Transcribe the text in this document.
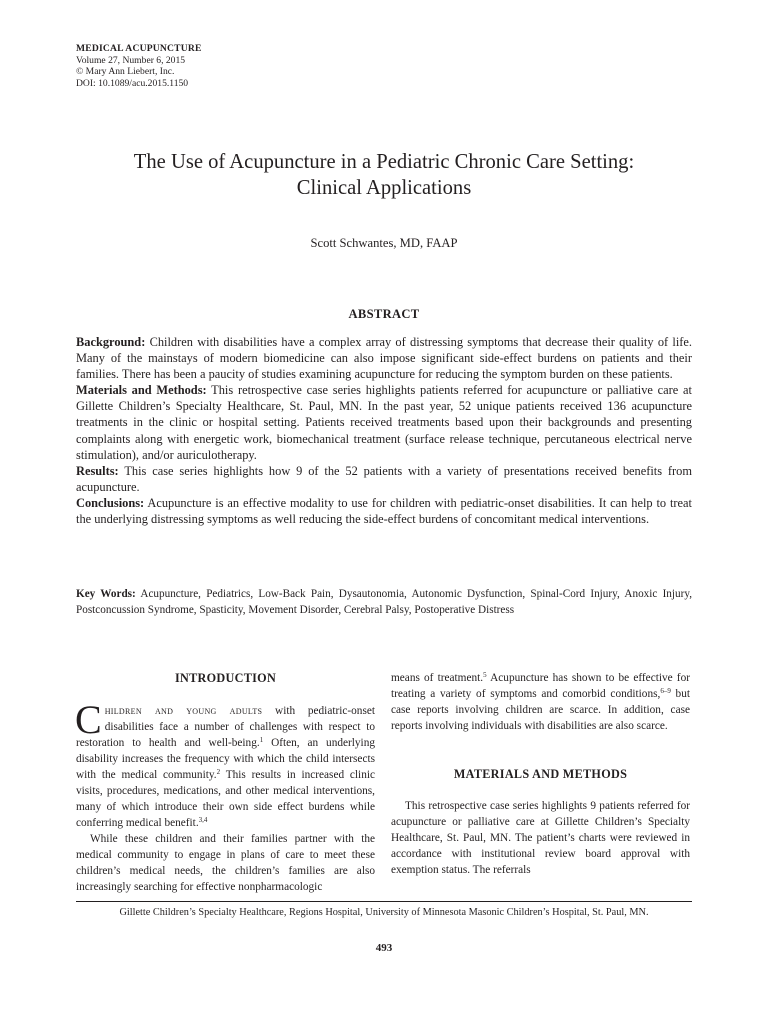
MEDICAL ACUPUNCTURE
Volume 27, Number 6, 2015
© Mary Ann Liebert, Inc.
DOI: 10.1089/acu.2015.1150
The Use of Acupuncture in a Pediatric Chronic Care Setting:
Clinical Applications
Scott Schwantes, MD, FAAP
ABSTRACT

Background: Children with disabilities have a complex array of distressing symptoms that decrease their quality of life. Many of the mainstays of modern biomedicine can also impose significant side-effect burdens on patients and their families. There has been a paucity of studies examining acupuncture for reducing the symptom burden on these patients.

Materials and Methods: This retrospective case series highlights patients referred for acupuncture or palliative care at Gillette Children’s Specialty Healthcare, St. Paul, MN. In the past year, 52 unique patients received 136 acupuncture treatments in the clinic or hospital setting. Patients received treatments based upon their backgrounds and presenting complaints along with energetic work, biomechanical treatment (surface release technique, percutaneous electrical nerve stimulation), and/or auriculotherapy.

Results: This case series highlights how 9 of the 52 patients with a variety of presentations received benefits from acupuncture.

Conclusions: Acupuncture is an effective modality to use for children with pediatric-onset disabilities. It can help to treat the underlying distressing symptoms as well reducing the side-effect burdens of concomitant medical interventions.

Key Words: Acupuncture, Pediatrics, Low-Back Pain, Dysautonomia, Autonomic Dysfunction, Spinal-Cord Injury, Anoxic Injury, Postconcussion Syndrome, Spasticity, Movement Disorder, Cerebral Palsy, Postoperative Distress
INTRODUCTION

Children and young adults with pediatric-onset disabilities face a number of challenges with respect to restoration to health and well-being.$^1$ Often, an underlying disability increases the frequency with which the child intersects with the medical community.$^2$ This results in increased clinic visits, procedures, medications, and other medical interventions, many of which introduce their own side effect burdens while conferring medical benefit.$^{3,4}$

While these children and their families partner with the medical community to engage in plans of care to meet these children’s medical needs, the children’s families are also increasingly searching for effective nonpharmacologic

means of treatment.$^5$ Acupuncture has shown to be effective for treating a variety of symptoms and comorbid conditions,$^{6-9}$ but case reports involving children are scarce. In addition, case reports involving individuals with disabilities are also scarce.

MATERIALS AND METHODS

This retrospective case series highlights 9 patients referred for acupuncture or palliative care at Gillette Children’s Specialty Healthcare, St. Paul, MN. The patient’s charts were reviewed in accordance with institutional review board approval with exemption status. The referrals

Gillette Children’s Specialty Healthcare, Regions Hospital, University of Minnesota Masonic Children’s Hospital, St. Paul, MN.
493
